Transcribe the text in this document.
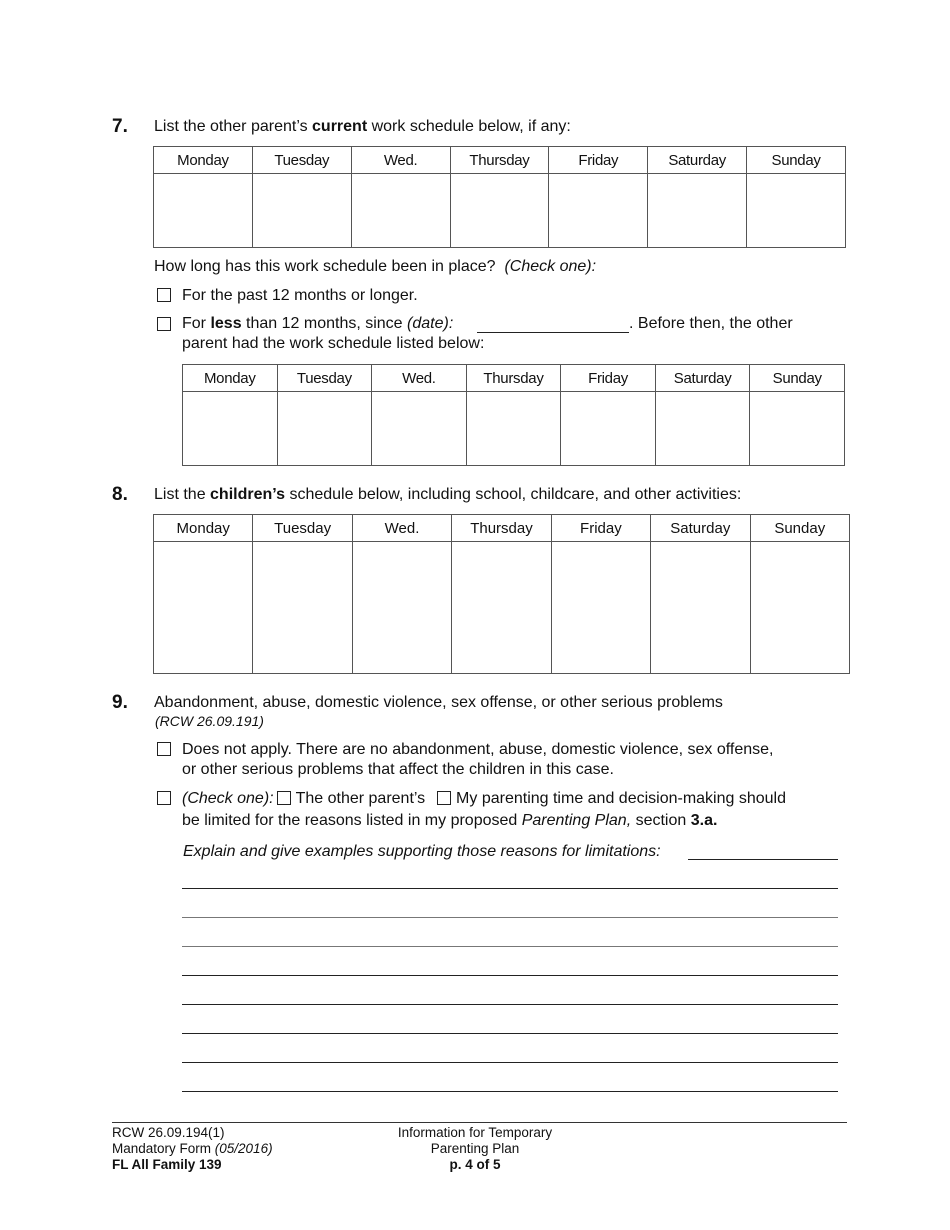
7. List the other parent’s current work schedule below, if any:
Monday	Tuesday	Wed.	Thursday	Friday	Saturday	Sunday

How long has this work schedule been in place? (Check one):
For the past 12 months or longer.
For less than 12 months, since (date):	. Before then, the other
parent had the work schedule listed below:
Monday	Tuesday	Wed.	Thursday	Friday	Saturday	Sunday

8. List the children’s schedule below, including school, childcare, and other activities:
Monday	Tuesday	Wed.	Thursday	Friday	Saturday	Sunday

9. Abandonment, abuse, domestic violence, sex offense, or other serious problems
(RCW 26.09.191)
Does not apply. There are no abandonment, abuse, domestic violence, sex offense,
or other serious problems that affect the children in this case.
(Check one): The other parent’s My parenting time and decision-making should
be limited for the reasons listed in my proposed Parenting Plan, section 3.a.
Explain and give examples supporting those reasons for limitations:
RCW 26.09.194(1)
Mandatory Form (05/2016)
FL All Family 139
Information for Temporary
Parenting Plan
p. 4 of 5
